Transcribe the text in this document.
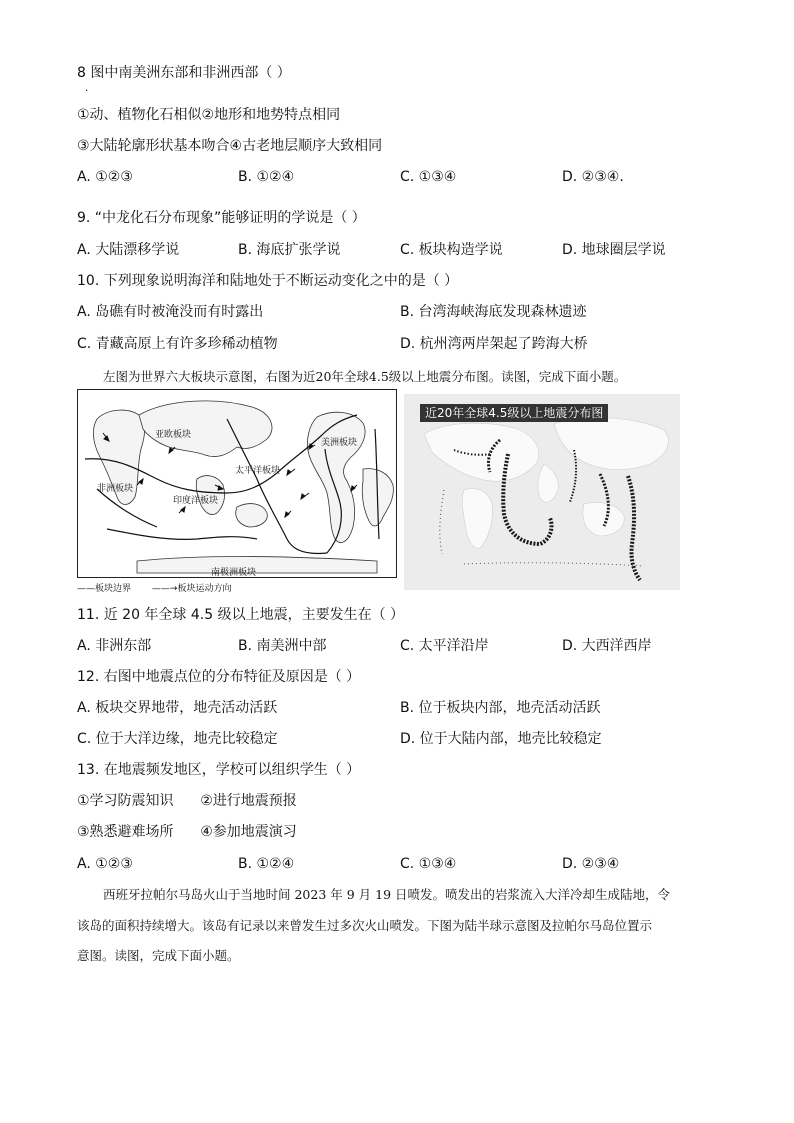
8 图中南美洲东部和非洲西部（ ）
·
①动、植物化石相似②地形和地势特点相同
③大陆轮廓形状基本吻合④古老地层顺序大致相同
A. ①②③	B. ①②④	C. ①③④	D. ②③④.
9. “中龙化石分布现象”能够证明的学说是（ ）
A. 大陆漂移学说	B. 海底扩张学说	C. 板块构造学说	D. 地球圈层学说
10. 下列现象说明海洋和陆地处于不断运动变化之中的是（ ）
A. 岛礁有时被淹没而有时露出	B. 台湾海峡海底发现森林遗迹
C. 青藏高原上有许多珍稀动植物	D. 杭州湾两岸架起了跨海大桥
左图为世界六大板块示意图，右图为近20年全球4.5级以上地震分布图。读图，完成下面小题。
亚欧板块
美洲板块
太平洋板块
非洲板块
印度洋板块
南极洲板块
——板块边界 ——→板块运动方向
近20年全球4.5级以上地震分布图
11. 近 20 年全球 4.5 级以上地震，主要发生在（ ）
A. 非洲东部	B. 南美洲中部	C. 太平洋沿岸	D. 大西洋西岸
12. 右图中地震点位的分布特征及原因是（ ）
A. 板块交界地带，地壳活动活跃	B. 位于板块内部，地壳活动活跃
C. 位于大洋边缘，地壳比较稳定	D. 位于大陆内部，地壳比较稳定
13. 在地震频发地区，学校可以组织学生（ ）
①学习防震知识      ②进行地震预报
③熟悉避难场所      ④参加地震演习
A. ①②③	B. ①②④	C. ①③④	D. ②③④
西班牙拉帕尔马岛火山于当地时间 2023 年 9 月 19 日喷发。喷发出的岩浆流入大洋冷却生成陆地，令
该岛的面积持续增大。该岛有记录以来曾发生过多次火山喷发。下图为陆半球示意图及拉帕尔马岛位置示
意图。读图，完成下面小题。
